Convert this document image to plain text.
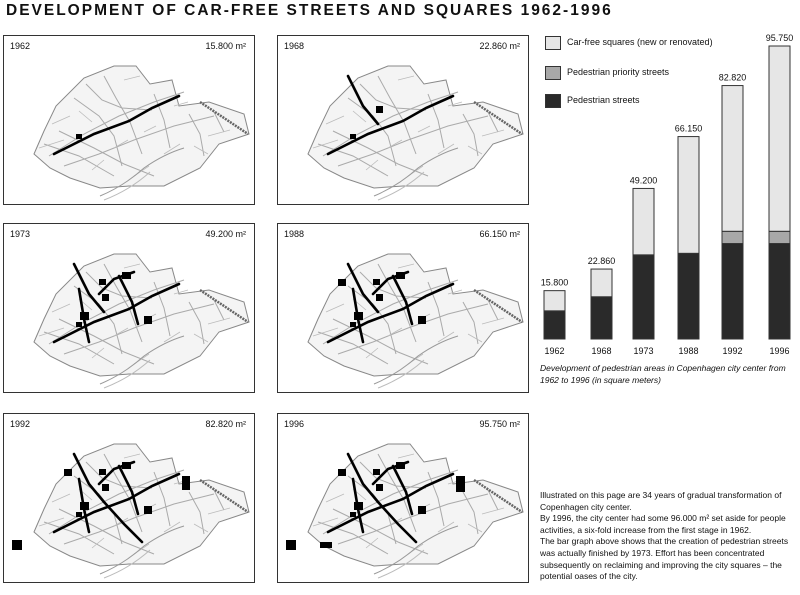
DEVELOPMENT OF CAR-FREE STREETS AND SQUARES 1962-1996
1962	15.800 m²	1968	22.860 m²
1973	49.200 m²	1988	66.150 m²
1992	82.820 m²	1996	95.750 m²
Car-free squares (new or renovated)
Pedestrian priority streets
Pedestrian streets
15.800
1962
22.860
1968
49.200
1973
66.150
1988
82.820
1992
95.750
1996
Development of pedestrian areas in Copenhagen city center from 1962 to 1996 (in square meters)

Illustrated on this page are 34 years of gradual transformation of Copenhagen city center.

By 1996, the city center had some 96.000 m² set aside for people activities, a six-fold increase from the first stage in 1962.

The bar graph above shows that the creation of pedestrian streets was actually finished by 1973. Effort has been concentrated subsequently on reclaiming and improving the city squares – the potential oases of the city.
